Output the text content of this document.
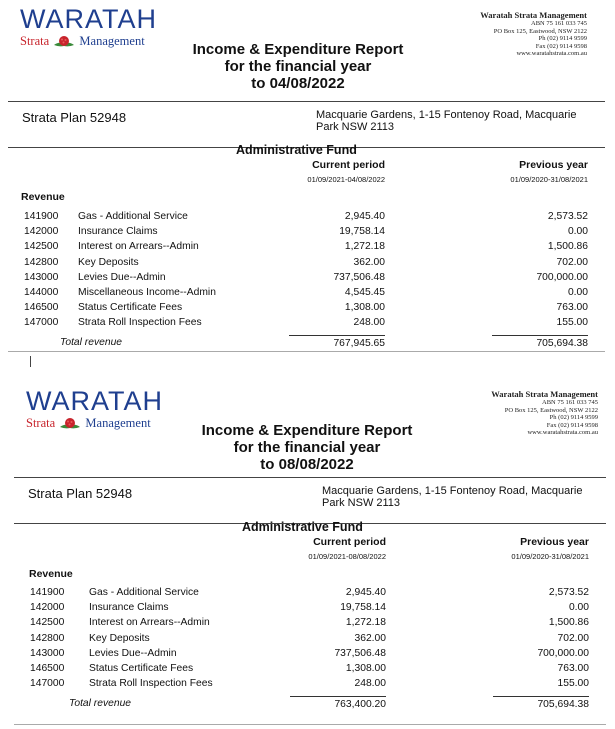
WARATAH
Strata Management
Waratah Strata Management
ABN 75 161 033 745
PO Box 125, Eastwood, NSW 2122
Ph (02) 9114 9599
Fax (02) 9114 9598
www.waratahstrata.com.au
Income & Expenditure Report
for the financial year
to 04/08/2022
Strata Plan 52948	Macquarie Gardens, 1-15 Fontenoy Road, Macquarie Park NSW 2113
Administrative Fund
Current period	Previous year
01/09/2021-04/08/2022	01/09/2020-31/08/2021
Revenue
141900 Gas - Additional Service	2,945.40	2,573.52
142000 Insurance Claims	19,758.14	0.00
142500 Interest on Arrears--Admin	1,272.18	1,500.86
142800 Key Deposits	362.00	702.00
143000 Levies Due--Admin	737,506.48	700,000.00
144000 Miscellaneous Income--Admin	4,545.45	0.00
146500 Status Certificate Fees	1,308.00	763.00
147000 Strata Roll Inspection Fees	248.00	155.00
Total revenue	767,945.65	705,694.38
WARATAH
Strata Management
Waratah Strata Management
ABN 75 161 033 745
PO Box 125, Eastwood, NSW 2122
Ph (02) 9114 9599
Fax (02) 9114 9598
www.waratahstrata.com.au
Income & Expenditure Report
for the financial year
to 08/08/2022
Strata Plan 52948	Macquarie Gardens, 1-15 Fontenoy Road, Macquarie Park NSW 2113
Administrative Fund
Current period	Previous year
01/09/2021-08/08/2022	01/09/2020-31/08/2021
Revenue
141900 Gas - Additional Service	2,945.40	2,573.52
142000 Insurance Claims	19,758.14	0.00
142500 Interest on Arrears--Admin	1,272.18	1,500.86
142800 Key Deposits	362.00	702.00
143000 Levies Due--Admin	737,506.48	700,000.00
146500 Status Certificate Fees	1,308.00	763.00
147000 Strata Roll Inspection Fees	248.00	155.00
Total revenue	763,400.20	705,694.38
